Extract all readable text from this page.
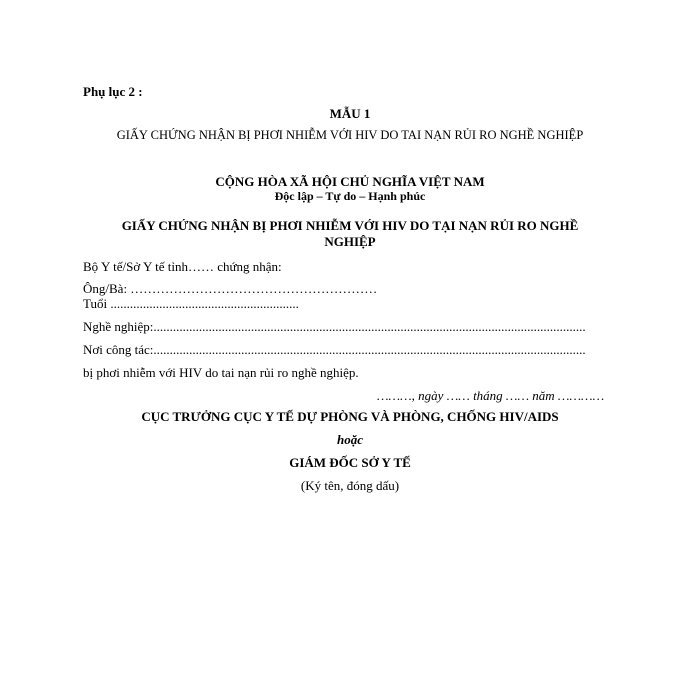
Phụ lục 2 :
MẪU 1
GIẤY CHỨNG NHẬN BỊ PHƠI NHIỄM VỚI HIV DO TAI NẠN RỦI RO NGHỀ NGHIỆP
CỘNG HÒA XÃ HỘI CHỦ NGHĨA VIỆT NAM
Độc lập – Tự do – Hạnh phúc
GIẤY CHỨNG NHẬN BỊ PHƠI NHIỄM VỚI HIV DO TẠI NẠN RỦI RO NGHỀ NGHIỆP
Bộ Y tế/Sở Y tế tỉnh…… chứng nhận:
Ông/Bà: …………………………………………………
Tuổi ..........................................................
Nghề nghiệp:.....................................................................................................................................
Nơi công tác:.....................................................................................................................................
bị phơi nhiễm với HIV do tai nạn rủi ro nghề nghiệp.
………, ngày …… tháng …… năm …………
CỤC TRƯỞNG CỤC Y TẾ DỰ PHÒNG VÀ PHÒNG, CHỐNG HIV/AIDS
hoặc
GIÁM ĐỐC SỞ Y TẾ
(Ký tên, đóng dấu)
